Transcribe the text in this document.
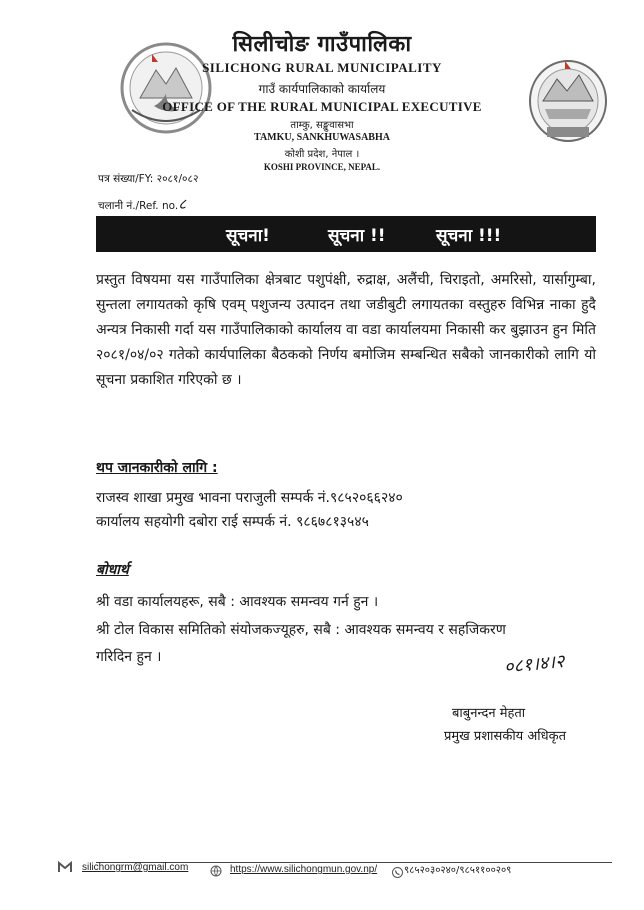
सिलीचोङ गाउँपालिका
SILICHONG RURAL MUNICIPALITY
गाउँ कार्यपालिकाको कार्यालय
OFFICE OF THE RURAL MUNICIPAL EXECUTIVE
ताम्कु, सङ्खुवासभा
TAMKU, SANKHUWASABHA
कोशी प्रदेश, नेपाल ।
KOSHI PROVINCE, NEPAL.
पत्र संख्या/FY: २०८१/०८२
चलानी नं./Ref. no.८
सूचना!	सूचना !!	सूचना !!!
प्रस्तुत विषयमा यस गाउँपालिका क्षेत्रबाट पशुपंक्षी, रुद्राक्ष, अलैंची, चिराइतो, अमरिसो, यार्सागुम्बा, सुन्तला लगायतको कृषि एवम् पशुजन्य उत्पादन तथा जडीबुटी लगायतका वस्तुहरु विभिन्न नाका हुदै अन्यत्र निकासी गर्दा यस गाउँपालिकाको कार्यालय वा वडा कार्यालयमा निकासी कर बुझाउन हुन मिति २०८१/०४/०२ गतेको कार्यपालिका बैठकको निर्णय बमोजिम सम्बन्धित सबैको जानकारीको लागि यो सूचना प्रकाशित गरिएको छ ।
थप जानकारीको लागि :
राजस्व शाखा प्रमुख भावना पराजुली सम्पर्क नं.९८५२०६६२४०
कार्यालय सहयोगी दबोरा राई सम्पर्क नं. ९८६७८१३५४५
बोधार्थ
श्री वडा कार्यालयहरू, सबै : आवश्यक समन्वय गर्न हुन ।
श्री टोल विकास समितिको संयोजकज्यूहरु, सबै : आवश्यक समन्वय र सहजिकरण गरिदिन हुन ।	०८१।४।२
बाबुनन्दन मेहता
प्रमुख प्रशासकीय अधिकृत
silichongrm@gmail.com	https://www.silichongmun.gov.np/	९८५२०३०२४०/९८५११००२०९
